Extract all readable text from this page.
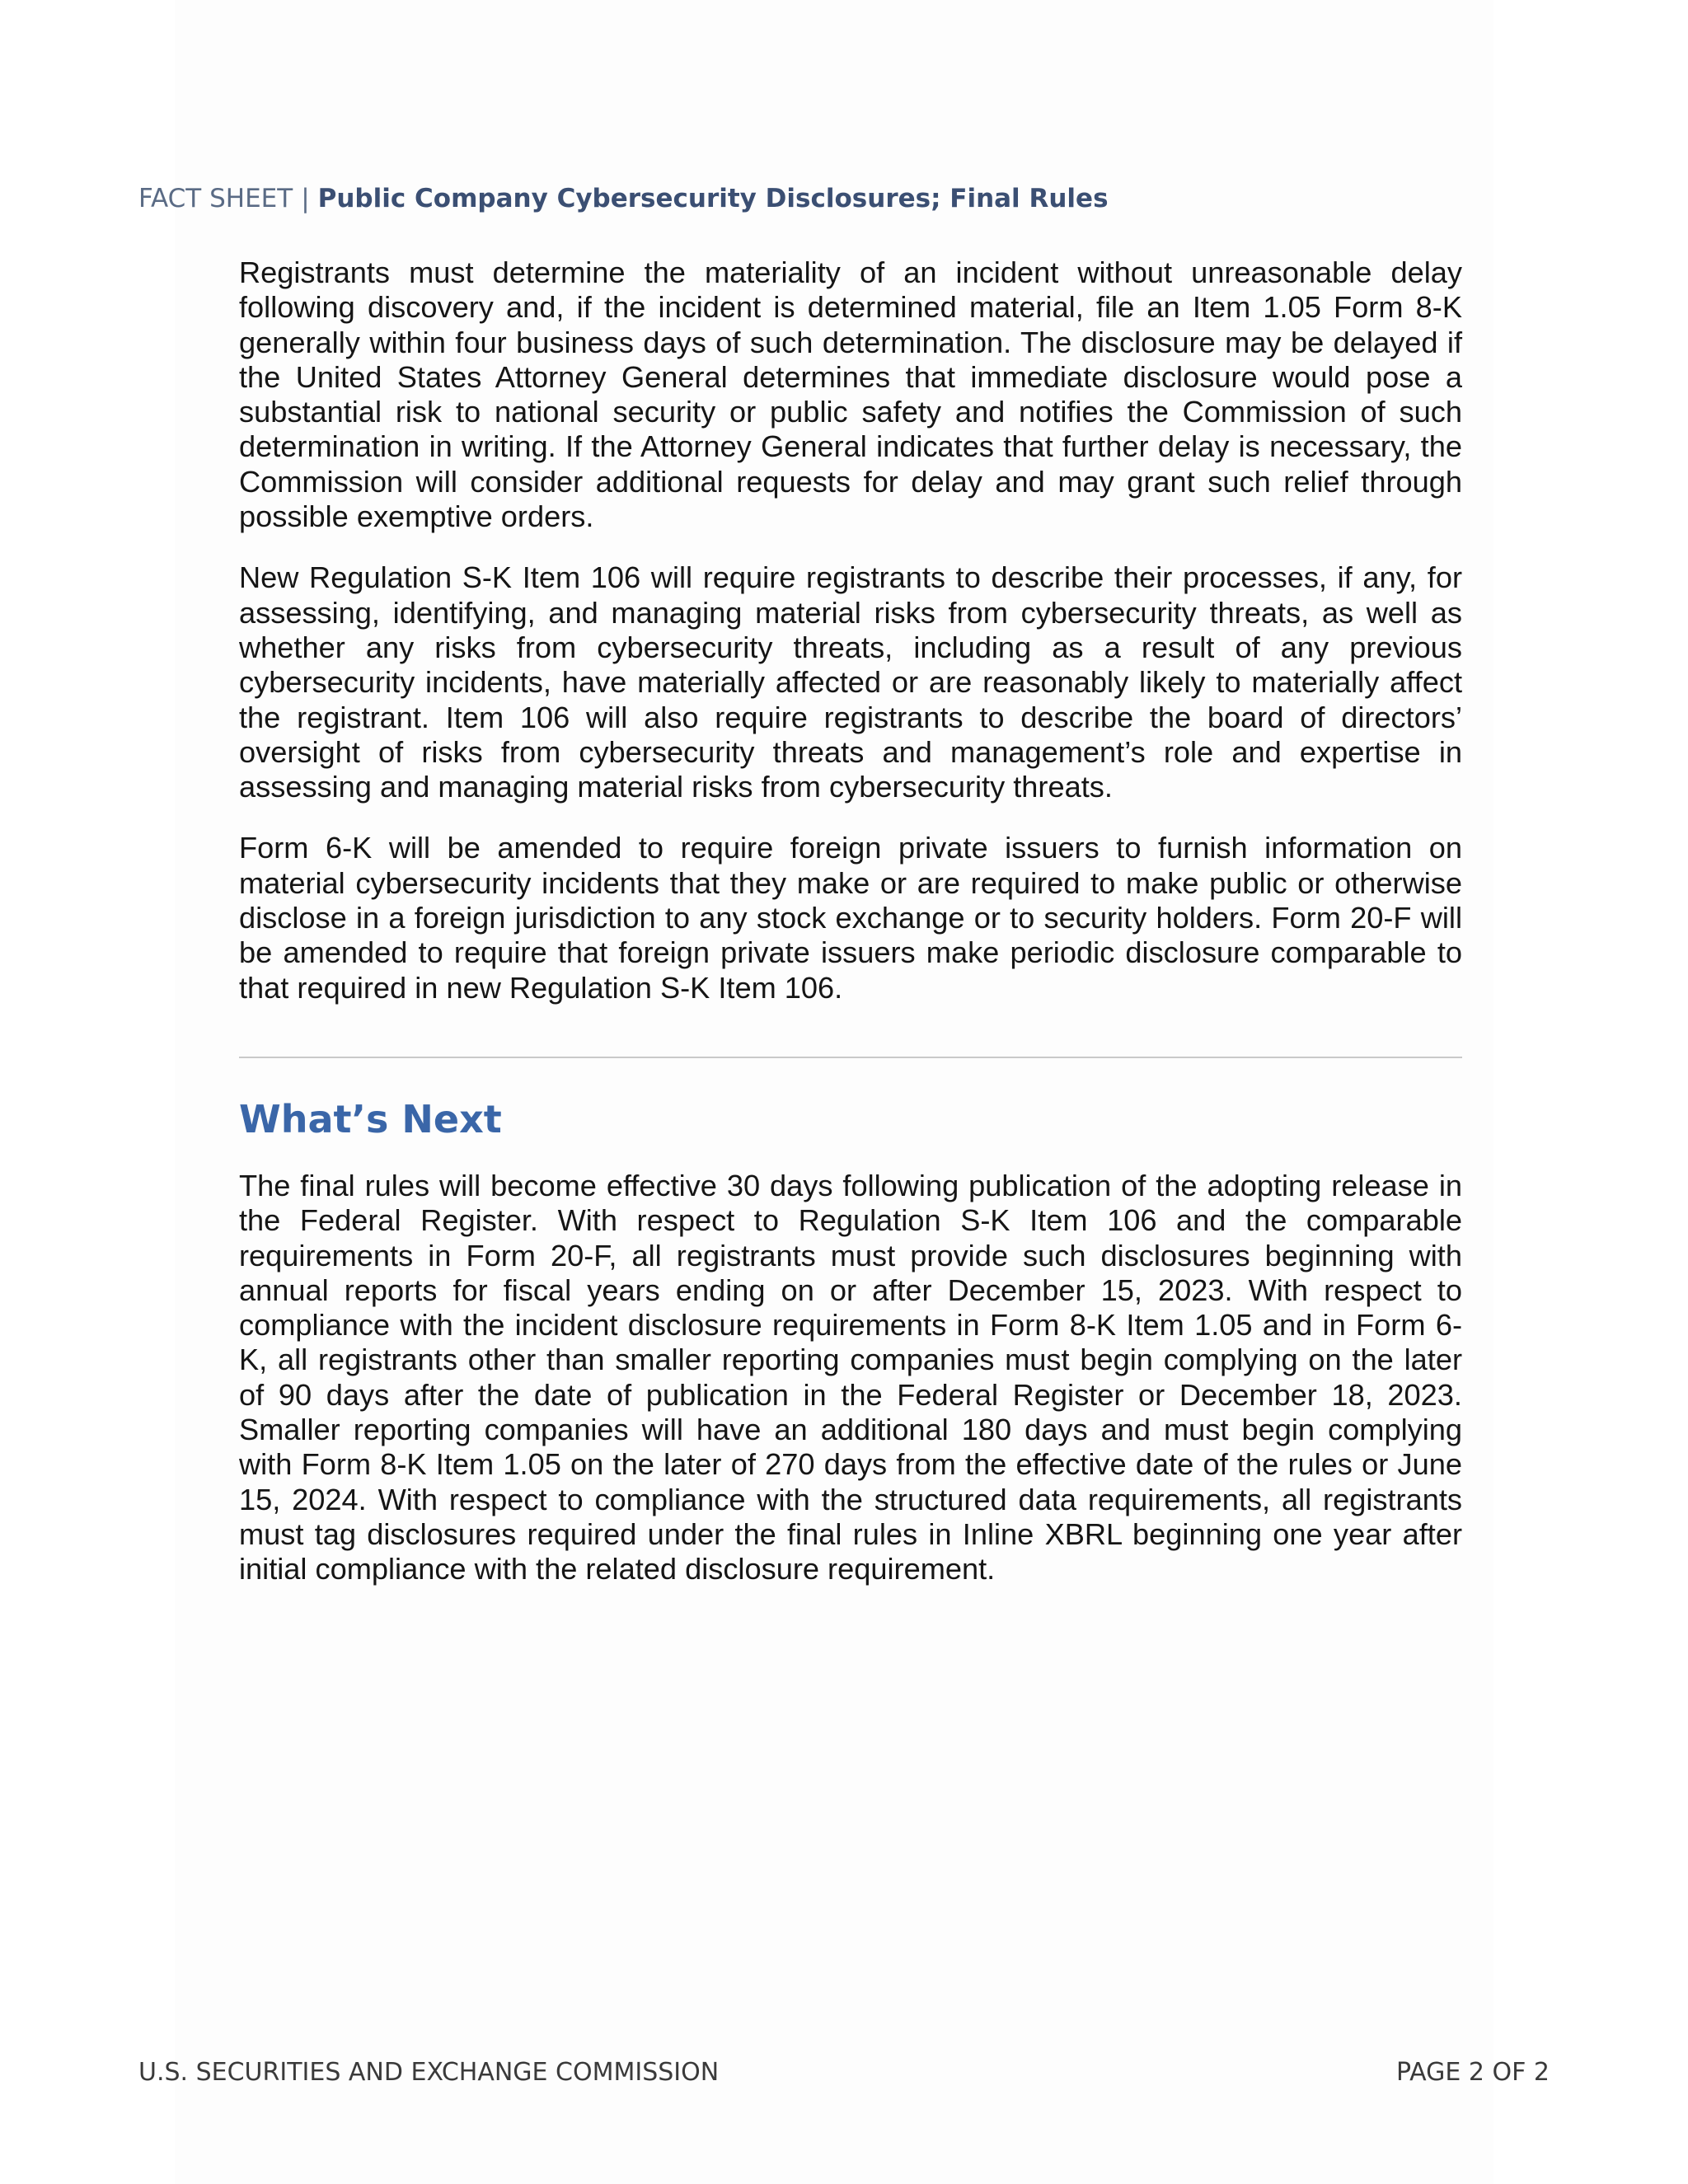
FACT SHEET | Public Company Cybersecurity Disclosures; Final Rules

Registrants must determine the materiality of an incident without unreasonable delay following discovery and, if the incident is determined material, file an Item 1.05 Form 8-K generally within four business days of such determination. The disclosure may be delayed if the United States Attorney General determines that immediate disclosure would pose a substantial risk to national security or public safety and notifies the Commission of such determination in writing. If the Attorney General indicates that further delay is necessary, the Commission will consider additional requests for delay and may grant such relief through possible exemptive orders.

New Regulation S-K Item 106 will require registrants to describe their processes, if any, for assessing, identifying, and managing material risks from cybersecurity threats, as well as whether any risks from cybersecurity threats, including as a result of any previous cybersecurity incidents, have materially affected or are reasonably likely to materially affect the registrant. Item 106 will also require registrants to describe the board of directors’ oversight of risks from cybersecurity threats and management’s role and expertise in assessing and managing material risks from cybersecurity threats.

Form 6-K will be amended to require foreign private issuers to furnish information on material cybersecurity incidents that they make or are required to make public or otherwise disclose in a foreign jurisdiction to any stock exchange or to security holders. Form 20-F will be amended to require that foreign private issuers make periodic disclosure comparable to that required in new Regulation S-K Item 106.

What’s Next

The final rules will become effective 30 days following publication of the adopting release in the Federal Register. With respect to Regulation S-K Item 106 and the comparable requirements in Form 20-F, all registrants must provide such disclosures beginning with annual reports for fiscal years ending on or after December 15, 2023. With respect to compliance with the incident disclosure requirements in Form 8-K Item 1.05 and in Form 6-K, all registrants other than smaller reporting companies must begin complying on the later of 90 days after the date of publication in the Federal Register or December 18, 2023. Smaller reporting companies will have an additional 180 days and must begin complying with Form 8-K Item 1.05 on the later of 270 days from the effective date of the rules or June 15, 2024. With respect to compliance with the structured data requirements, all registrants must tag disclosures required under the final rules in Inline XBRL beginning one year after initial compliance with the related disclosure requirement.

U.S. SECURITIES AND EXCHANGE COMMISSION	PAGE 2 OF 2
